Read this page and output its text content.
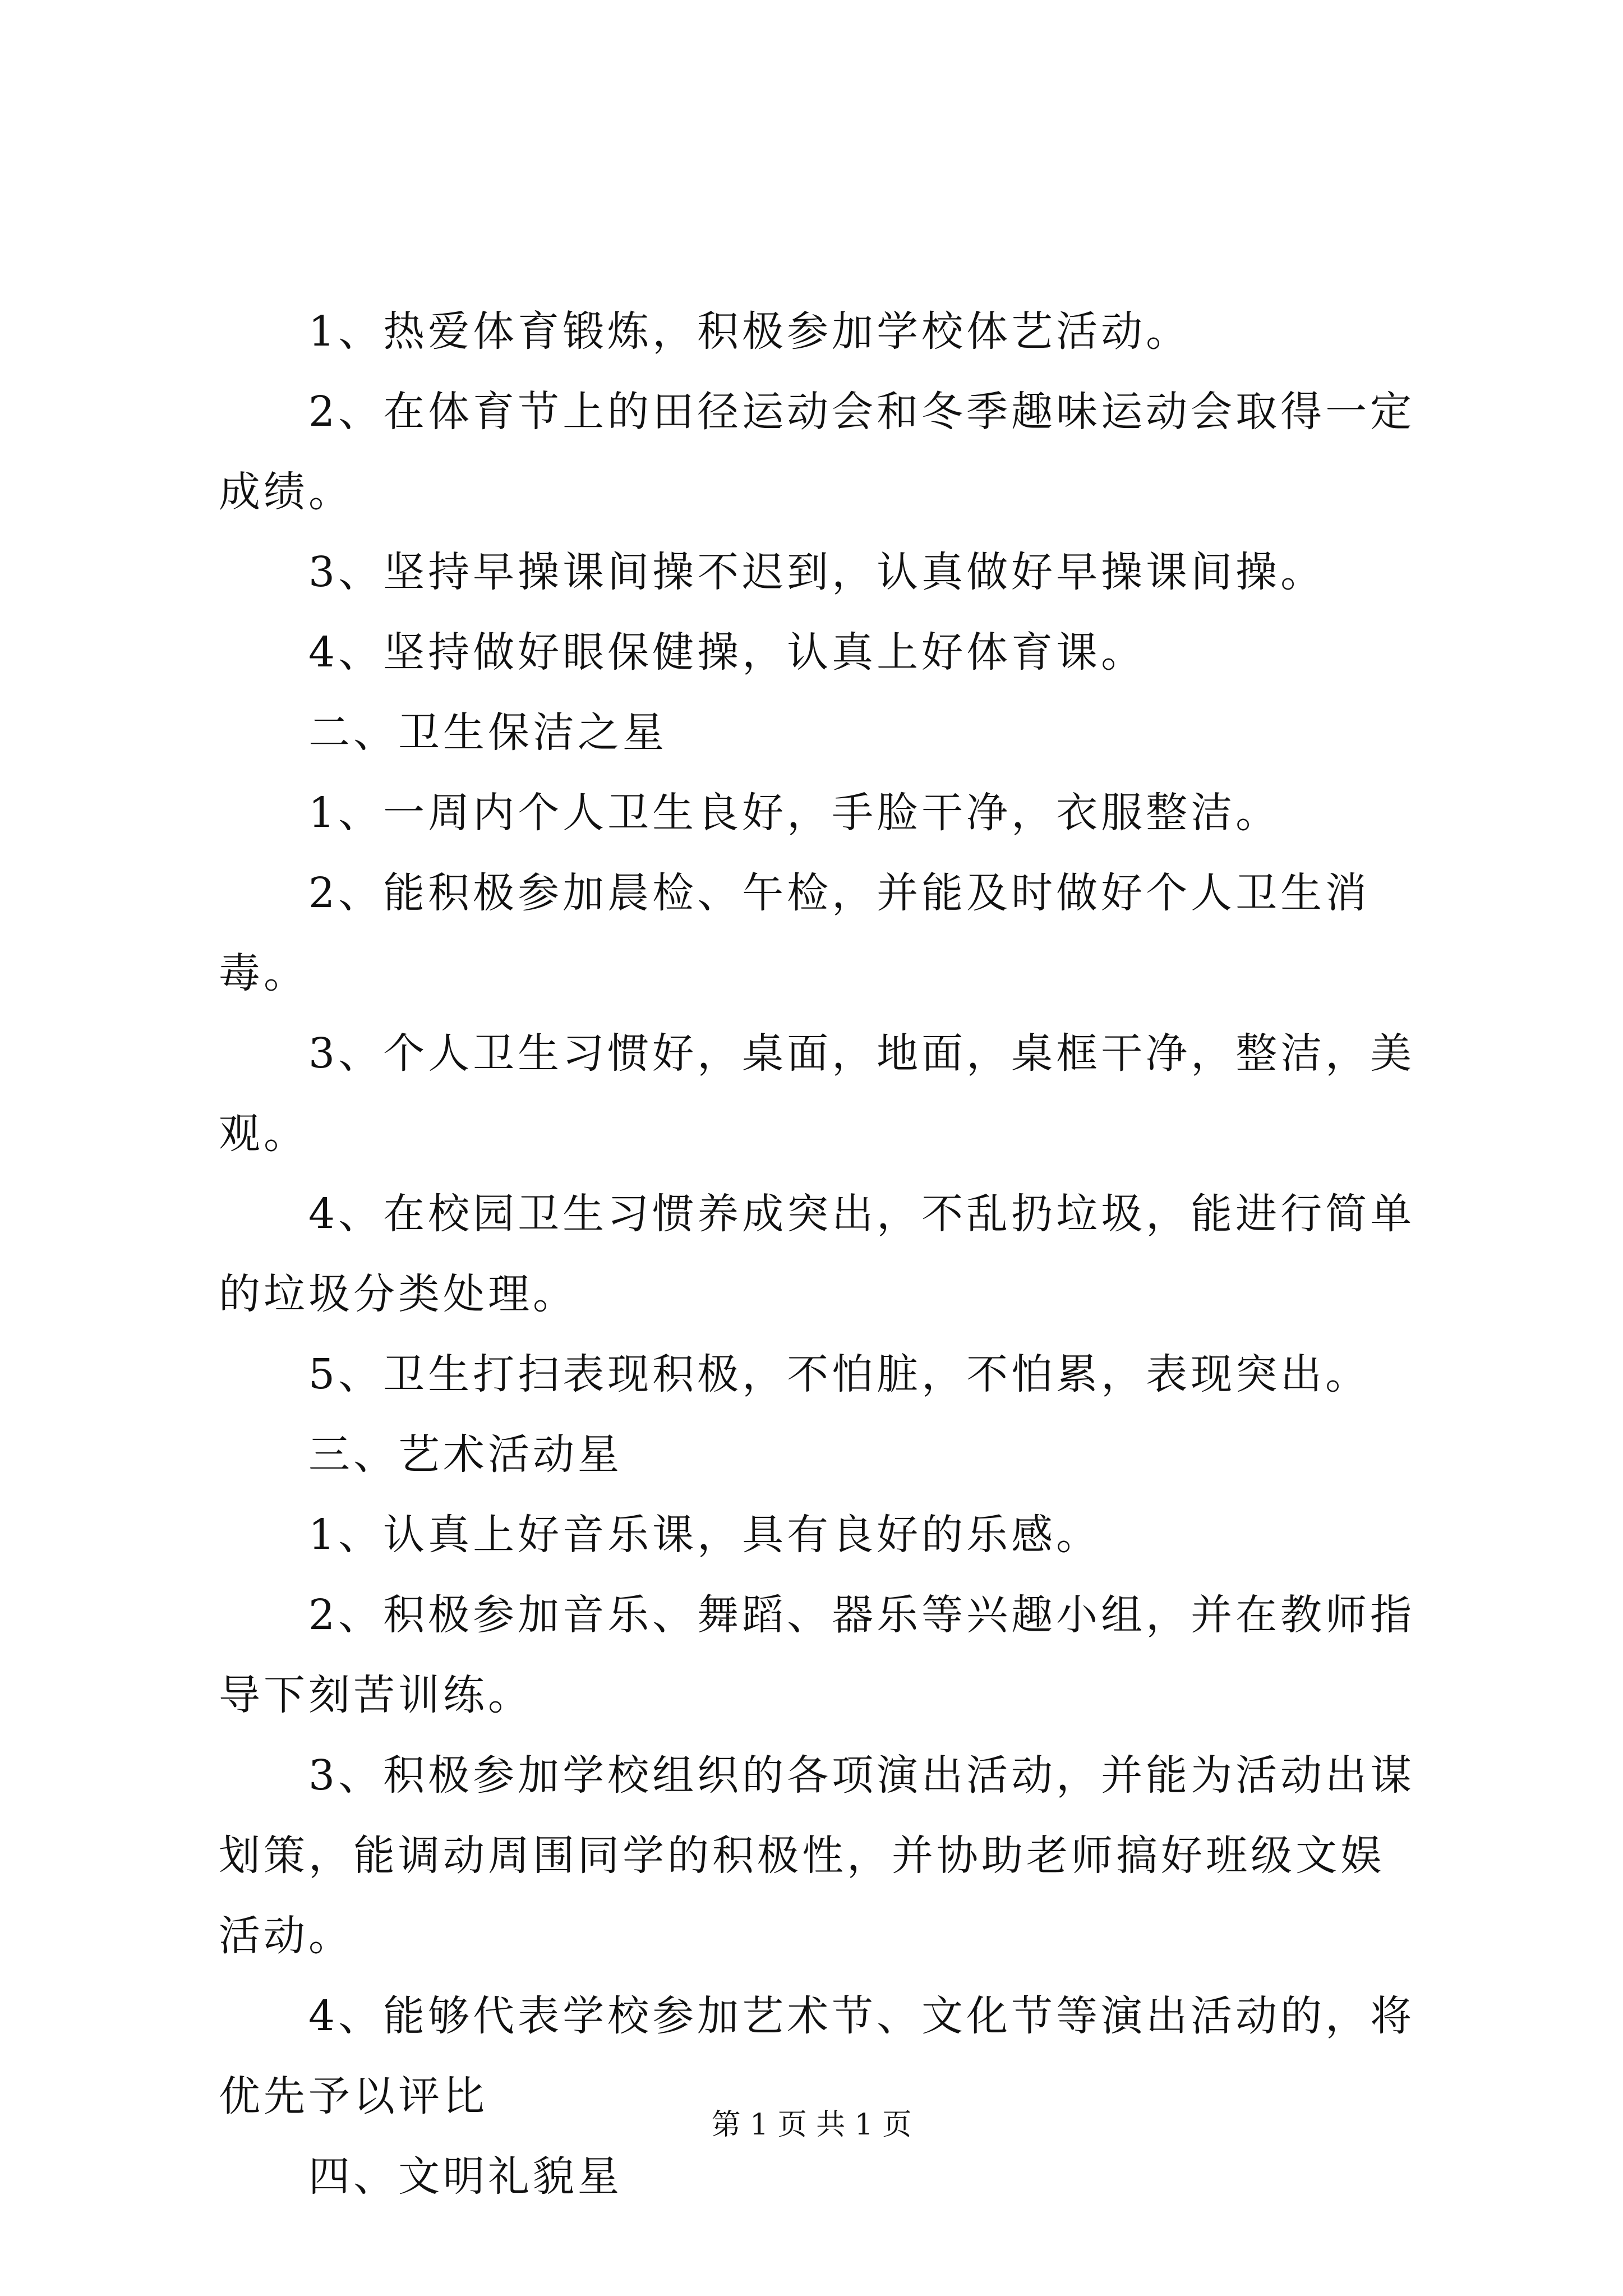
1、热爱体育锻炼，积极参加学校体艺活动。

2、在体育节上的田径运动会和冬季趣味运动会取得一定成绩。

3、坚持早操课间操不迟到，认真做好早操课间操。

4、坚持做好眼保健操，认真上好体育课。

二、卫生保洁之星

1、一周内个人卫生良好，手脸干净，衣服整洁。

2、能积极参加晨检、午检，并能及时做好个人卫生消毒。

3、个人卫生习惯好，桌面，地面，桌框干净，整洁，美观。

4、在校园卫生习惯养成突出，不乱扔垃圾，能进行简单的垃圾分类处理。

5、卫生打扫表现积极，不怕脏，不怕累，表现突出。

三、艺术活动星

1、认真上好音乐课，具有良好的乐感。

2、积极参加音乐、舞蹈、器乐等兴趣小组，并在教师指导下刻苦训练。

3、积极参加学校组织的各项演出活动，并能为活动出谋划策，能调动周围同学的积极性，并协助老师搞好班级文娱活动。

4、能够代表学校参加艺术节、文化节等演出活动的，将优先予以评比

四、文明礼貌星

第 1 页 共 1 页
